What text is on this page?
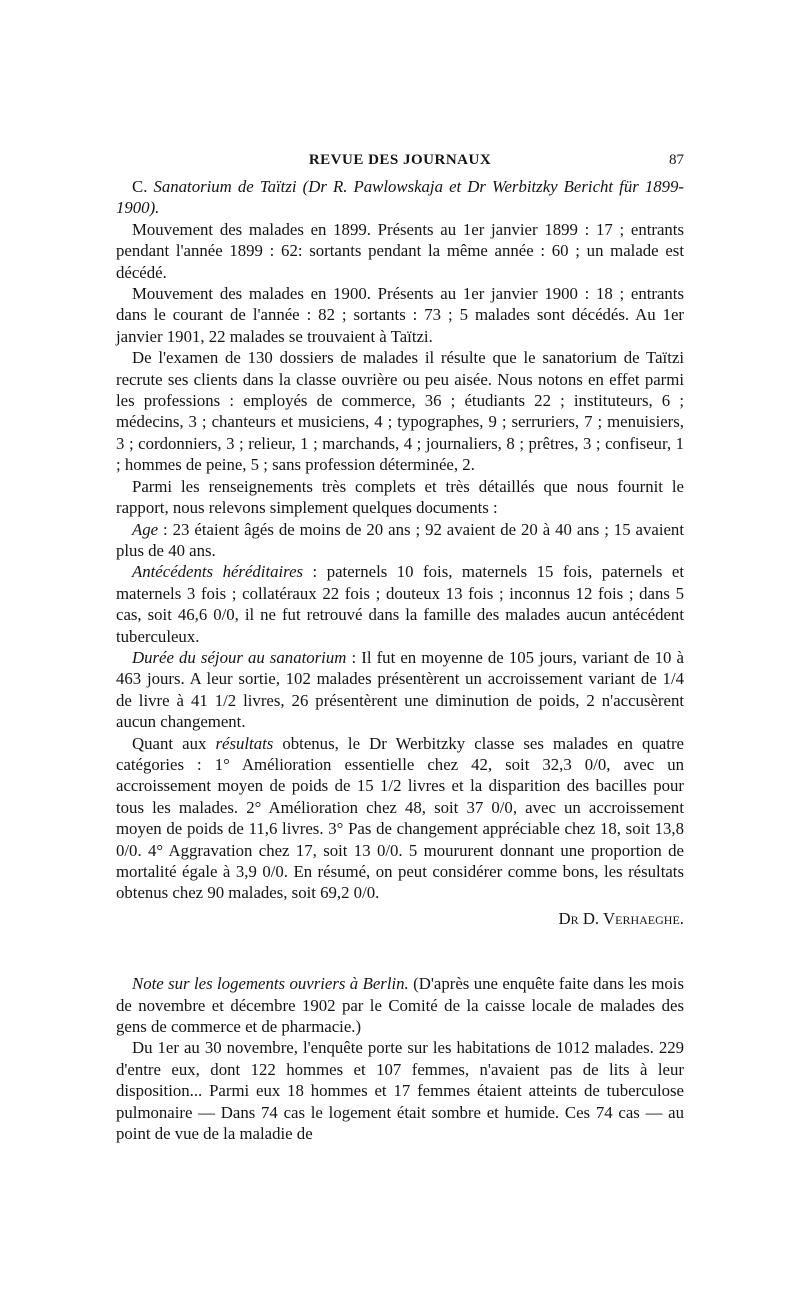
REVUE DES JOURNAUX	87

C. Sanatorium de Taïtzi (Dr R. Pawlowskaja et Dr Werbitzky Bericht für 1899-1900).

Mouvement des malades en 1899. Présents au 1er janvier 1899 : 17 ; entrants pendant l'année 1899 : 62: sortants pendant la même année : 60 ; un malade est décédé.

Mouvement des malades en 1900. Présents au 1er janvier 1900 : 18 ; entrants dans le courant de l'année : 82 ; sortants : 73 ; 5 malades sont décédés. Au 1er janvier 1901, 22 malades se trouvaient à Taïtzi.

De l'examen de 130 dossiers de malades il résulte que le sanatorium de Taïtzi recrute ses clients dans la classe ouvrière ou peu aisée. Nous notons en effet parmi les professions : employés de commerce, 36 ; étudiants 22 ; instituteurs, 6 ; médecins, 3 ; chanteurs et musiciens, 4 ; typographes, 9 ; serruriers, 7 ; menuisiers, 3 ; cordonniers, 3 ; relieur, 1 ; marchands, 4 ; journaliers, 8 ; prêtres, 3 ; confiseur, 1 ; hommes de peine, 5 ; sans profession déterminée, 2.

Parmi les renseignements très complets et très détaillés que nous fournit le rapport, nous relevons simplement quelques documents :

Age : 23 étaient âgés de moins de 20 ans ; 92 avaient de 20 à 40 ans ; 15 avaient plus de 40 ans.

Antécédents héréditaires : paternels 10 fois, maternels 15 fois, paternels et maternels 3 fois ; collatéraux 22 fois ; douteux 13 fois ; inconnus 12 fois ; dans 5 cas, soit 46,6 0/0, il ne fut retrouvé dans la famille des malades aucun antécédent tuberculeux.

Durée du séjour au sanatorium : Il fut en moyenne de 105 jours, variant de 10 à 463 jours. A leur sortie, 102 malades présentèrent un accroissement variant de 1/4 de livre à 41 1/2 livres, 26 présentèrent une diminution de poids, 2 n'accusèrent aucun changement.

Quant aux résultats obtenus, le Dr Werbitzky classe ses malades en quatre catégories : 1° Amélioration essentielle chez 42, soit 32,3 0/0, avec un accroissement moyen de poids de 15 1/2 livres et la disparition des bacilles pour tous les malades. 2° Amélioration chez 48, soit 37 0/0, avec un accroissement moyen de poids de 11,6 livres. 3° Pas de changement appréciable chez 18, soit 13,8 0/0. 4° Aggravation chez 17, soit 13 0/0. 5 moururent donnant une proportion de mortalité égale à 3,9 0/0. En résumé, on peut considérer comme bons, les résultats obtenus chez 90 malades, soit 69,2 0/0.

Dr D. Verhaeghe.

Note sur les logements ouvriers à Berlin. (D'après une enquête faite dans les mois de novembre et décembre 1902 par le Comité de la caisse locale de malades des gens de commerce et de pharmacie.)

Du 1er au 30 novembre, l'enquête porte sur les habitations de 1012 malades. 229 d'entre eux, dont 122 hommes et 107 femmes, n'avaient pas de lits à leur disposition... Parmi eux 18 hommes et 17 femmes étaient atteints de tuberculose pulmonaire — Dans 74 cas le logement était sombre et humide. Ces 74 cas — au point de vue de la maladie de
